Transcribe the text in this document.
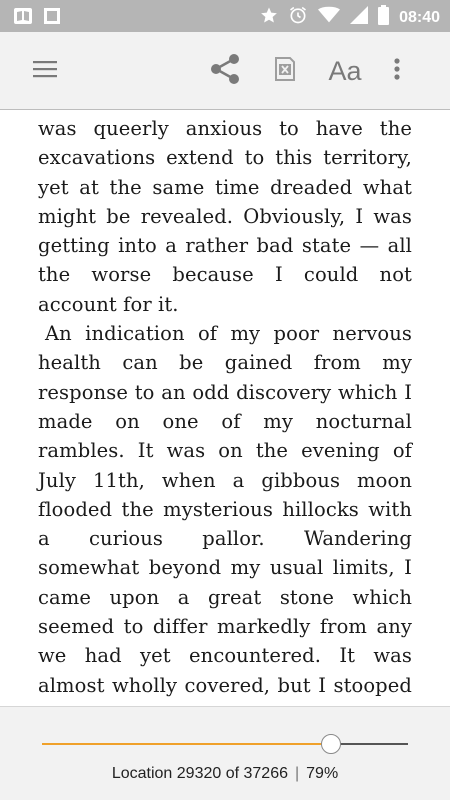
08:40
Aa

was queerly anxious to have the excavations extend to this territory, yet at the same time dreaded what might be revealed. Obviously, I was getting into a rather bad state — all the worse because I could not account for it.

An indication of my poor nervous health can be gained from my response to an odd discovery which I made on one of my nocturnal rambles. It was on the evening of July 11th, when a gibbous moon flooded the mysterious hillocks with a curious pallor. Wandering somewhat beyond my usual limits, I came upon a great stone which seemed to differ markedly from any we had yet encountered. It was almost wholly covered, but I stooped

Location 29320 of 37266 | 79%
